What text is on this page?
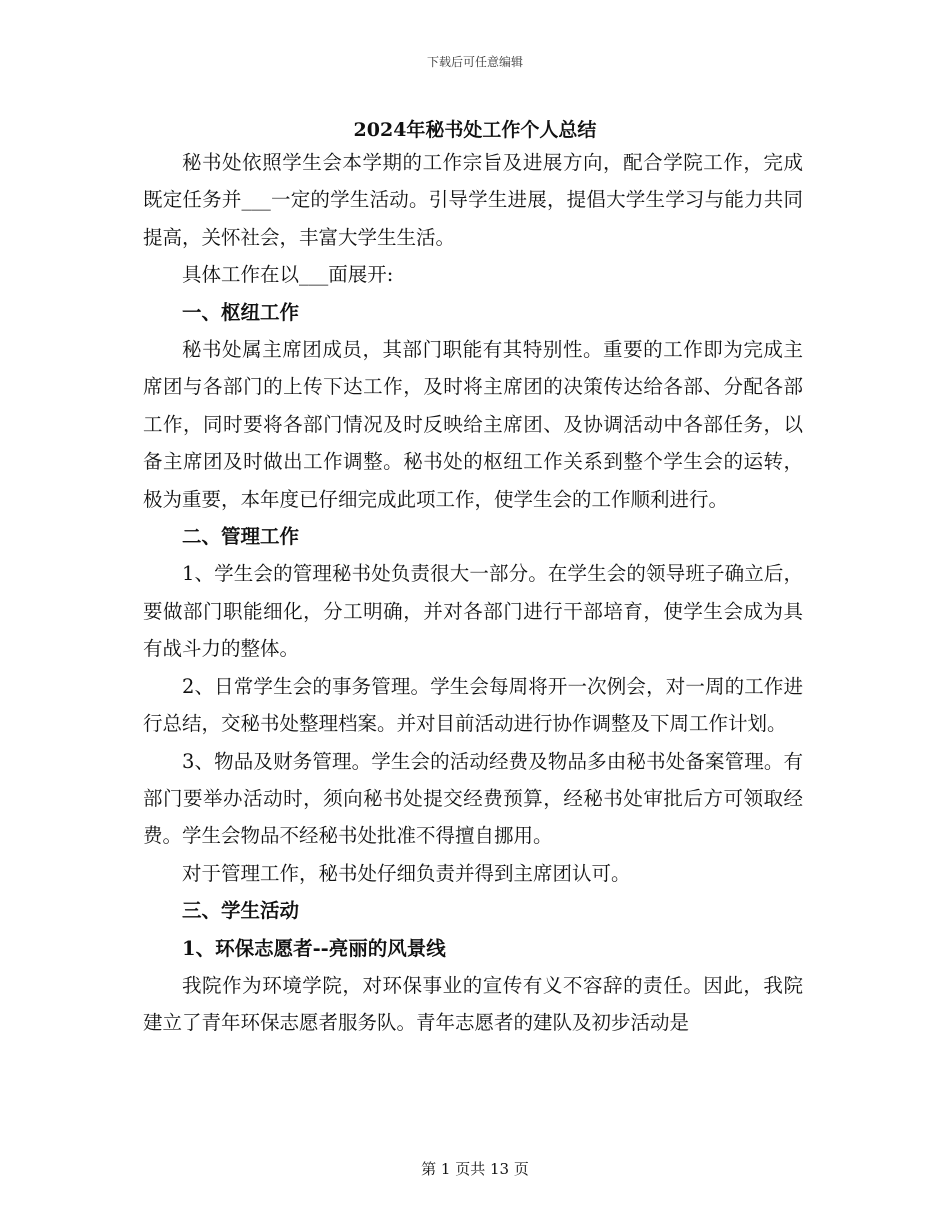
下载后可任意编辑
2024年秘书处工作个人总结

秘书处依照学生会本学期的工作宗旨及进展方向，配合学院工作，完成既定任务并___一定的学生活动。引导学生进展，提倡大学生学习与能力共同提高，关怀社会，丰富大学生生活。

具体工作在以___面展开:

一、枢纽工作

秘书处属主席团成员，其部门职能有其特别性。重要的工作即为完成主席团与各部门的上传下达工作，及时将主席团的决策传达给各部、分配各部工作，同时要将各部门情况及时反映给主席团、及协调活动中各部任务，以备主席团及时做出工作调整。秘书处的枢纽工作关系到整个学生会的运转，极为重要，本年度已仔细完成此项工作，使学生会的工作顺利进行。

二、管理工作

1、学生会的管理秘书处负责很大一部分。在学生会的领导班子确立后，要做部门职能细化，分工明确，并对各部门进行干部培育，使学生会成为具有战斗力的整体。

2、日常学生会的事务管理。学生会每周将开一次例会，对一周的工作进行总结，交秘书处整理档案。并对目前活动进行协作调整及下周工作计划。

3、物品及财务管理。学生会的活动经费及物品多由秘书处备案管理。有部门要举办活动时，须向秘书处提交经费预算，经秘书处审批后方可领取经费。学生会物品不经秘书处批准不得擅自挪用。

对于管理工作，秘书处仔细负责并得到主席团认可。

三、学生活动

1、环保志愿者--亮丽的风景线

我院作为环境学院，对环保事业的宣传有义不容辞的责任。因此，我院建立了青年环保志愿者服务队。青年志愿者的建队及初步活动是

第 1 页共 13 页
